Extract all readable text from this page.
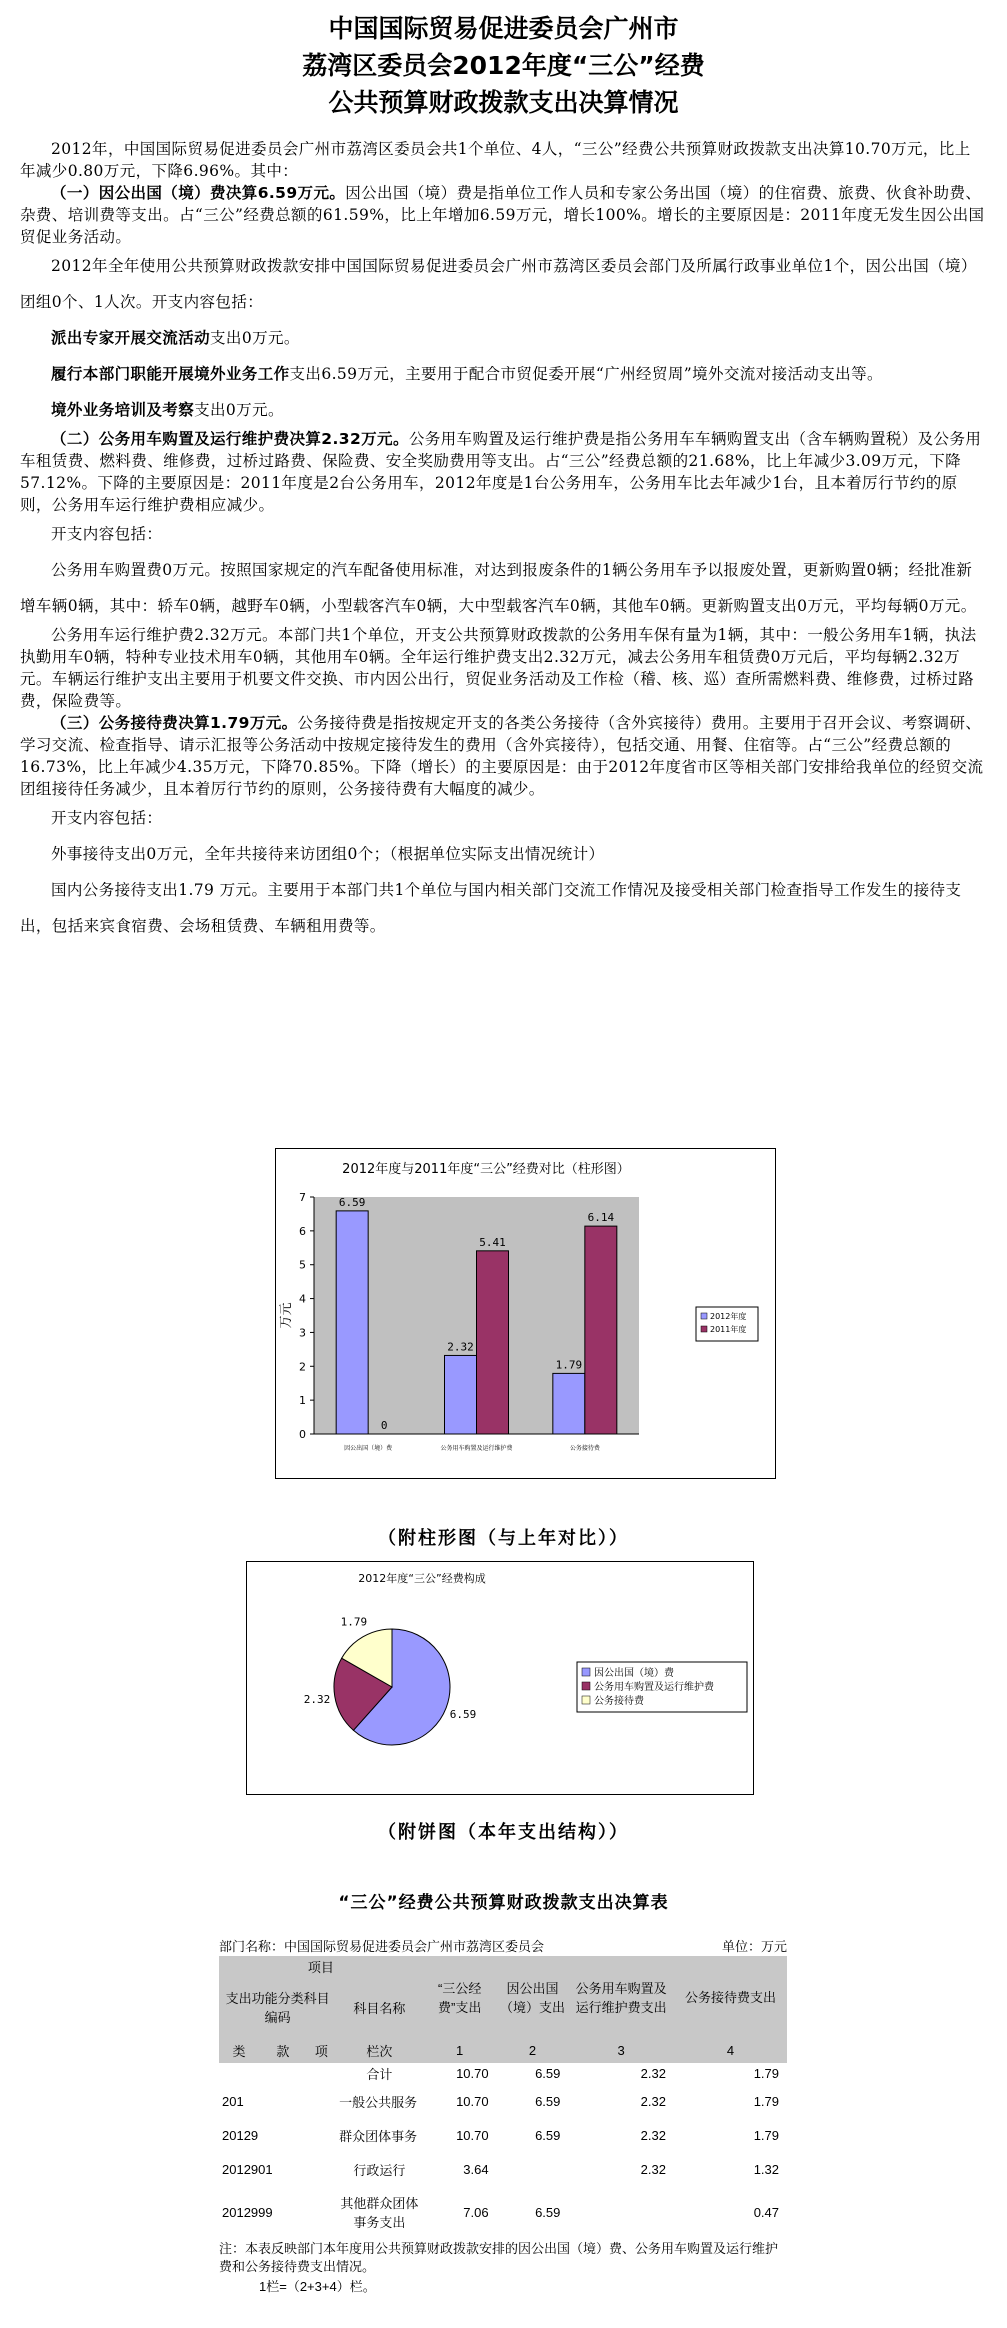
中国国际贸易促进委员会广州市
荔湾区委员会2012年度“三公”经费
公共预算财政拨款支出决算情况

2012年，中国国际贸易促进委员会广州市荔湾区委员会共1个单位、4人，“三公”经费公共预算财政拨款支出决算10.70万元，比上年减少0.80万元，下降6.96%。其中：

（一）因公出国（境）费决算6.59万元。因公出国（境）费是指单位工作人员和专家公务出国（境）的住宿费、旅费、伙食补助费、杂费、培训费等支出。占“三公”经费总额的61.59%，比上年增加6.59万元，增长100%。增长的主要原因是：2011年度无发生因公出国贸促业务活动。

2012年全年使用公共预算财政拨款安排中国国际贸易促进委员会广州市荔湾区委员会部门及所属行政事业单位1个，因公出国（境）团组0个、1人次。开支内容包括：

派出专家开展交流活动支出0万元。

履行本部门职能开展境外业务工作支出6.59万元，主要用于配合市贸促委开展“广州经贸周”境外交流对接活动支出等。

境外业务培训及考察支出0万元。

（二）公务用车购置及运行维护费决算2.32万元。公务用车购置及运行维护费是指公务用车车辆购置支出（含车辆购置税）及公务用车租赁费、燃料费、维修费，过桥过路费、保险费、安全奖励费用等支出。占“三公”经费总额的21.68%，比上年减少3.09万元，下降57.12%。下降的主要原因是：2011年度是2台公务用车，2012年度是1台公务用车，公务用车比去年减少1台，且本着厉行节约的原则，公务用车运行维护费相应减少。

开支内容包括：

公务用车购置费0万元。按照国家规定的汽车配备使用标准，对达到报废条件的1辆公务用车予以报废处置，更新购置0辆；经批准新增车辆0辆，其中：轿车0辆，越野车0辆，小型载客汽车0辆，大中型载客汽车0辆，其他车0辆。更新购置支出0万元，平均每辆0万元。

公务用车运行维护费2.32万元。本部门共1个单位，开支公共预算财政拨款的公务用车保有量为1辆，其中：一般公务用车1辆，执法执勤用车0辆，特种专业技术用车0辆，其他用车0辆。全年运行维护费支出2.32万元，减去公务用车租赁费0万元后，平均每辆2.32万元。车辆运行维护支出主要用于机要文件交换、市内因公出行，贸促业务活动及工作检（稽、核、巡）查所需燃料费、维修费，过桥过路费，保险费等。

（三）公务接待费决算1.79万元。公务接待费是指按规定开支的各类公务接待（含外宾接待）费用。主要用于召开会议、考察调研、学习交流、检查指导、请示汇报等公务活动中按规定接待发生的费用（含外宾接待），包括交通、用餐、住宿等。占“三公”经费总额的16.73%，比上年减少4.35万元，下降70.85%。下降（增长）的主要原因是：由于2012年度省市区等相关部门安排给我单位的经贸交流团组接待任务减少，且本着厉行节约的原则，公务接待费有大幅度的减少。

开支内容包括：

外事接待支出0万元，全年共接待来访团组0个；（根据单位实际支出情况统计）

国内公务接待支出1.79 万元。主要用于本部门共1个单位与国内相关部门交流工作情况及接受相关部门检查指导工作发生的接待支出，包括来宾食宿费、会场租赁费、车辆租用费等。

2012年度与2011年度“三公”经费对比（柱形图）
0
1
2
3
4
5
6
7
万元
6.59
0
因公出国（境）费
2.32
5.41
公务用车购置及运行维护费
1.79
6.14
公务接待费
2012年度
2011年度
（附柱形图（与上年对比））
2012年度“三公”经费构成
6.59
2.32
1.79
因公出国（境）费
公务用车购置及运行维护费
公务接待费
（附饼图（本年支出结构））
“三公”经费公共预算财政拨款支出决算表
部门名称：中国国际贸易促进委员会广州市荔湾区委员会	单位：万元
项目				“三公经费”支出	因公出国（境）支出	公务用车购置及运行维护费支出	公务接待费支出
支出功能分类科目编码			科目名称				
类	款	项	栏次	1	2	3	4
			合计	10.70	6.59	2.32	1.79
201			一般公共服务	10.70	6.59	2.32	1.79
20129			群众团体事务	10.70	6.59	2.32	1.79
2012901			行政运行	3.64		2.32	1.32
2012999			其他群众团体事务支出	7.06	6.59		0.47
注：本表反映部门本年度用公共预算财政拨款安排的因公出国（境）费、公务用车购置及运行维护费和公务接待费支出情况。
1栏=（2+3+4）栏。
